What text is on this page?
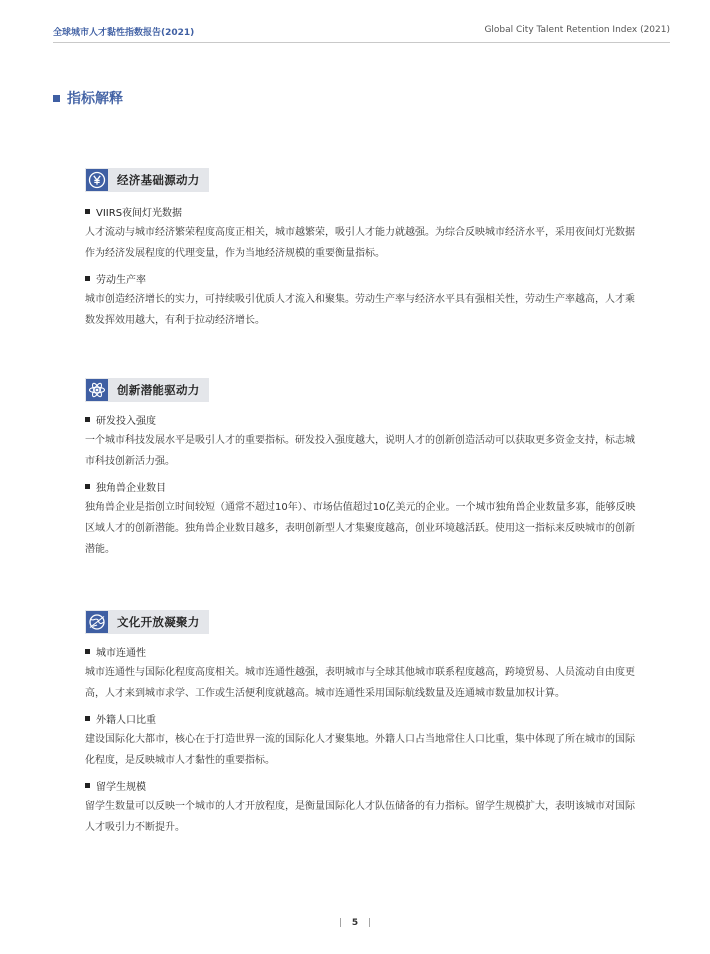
全球城市人才黏性指数报告(2021)	Global City Talent Retention Index (2021)
指标解释
经济基础源动力
VIIRS夜间灯光数据
人才流动与城市经济繁荣程度高度正相关，城市越繁荣，吸引人才能力就越强。为综合反映城市经济水平，采用夜间灯光数据作为经济发展程度的代理变量，作为当地经济规模的重要衡量指标。
劳动生产率
城市创造经济增长的实力，可持续吸引优质人才流入和聚集。劳动生产率与经济水平具有强相关性，劳动生产率越高，人才乘数发挥效用越大，有利于拉动经济增长。
创新潜能驱动力
研发投入强度
一个城市科技发展水平是吸引人才的重要指标。研发投入强度越大，说明人才的创新创造活动可以获取更多资金支持，标志城市科技创新活力强。
独角兽企业数目
独角兽企业是指创立时间较短（通常不超过10年）、市场估值超过10亿美元的企业。一个城市独角兽企业数量多寡，能够反映区域人才的创新潜能。独角兽企业数目越多，表明创新型人才集聚度越高，创业环境越活跃。使用这一指标来反映城市的创新潜能。
文化开放凝聚力
城市连通性
城市连通性与国际化程度高度相关。城市连通性越强，表明城市与全球其他城市联系程度越高，跨境贸易、人员流动自由度更高，人才来到城市求学、工作或生活便利度就越高。城市连通性采用国际航线数量及连通城市数量加权计算。
外籍人口比重
建设国际化大都市，核心在于打造世界一流的国际化人才聚集地。外籍人口占当地常住人口比重，集中体现了所在城市的国际化程度，是反映城市人才黏性的重要指标。
留学生规模
留学生数量可以反映一个城市的人才开放程度，是衡量国际化人才队伍储备的有力指标。留学生规模扩大，表明该城市对国际人才吸引力不断提升。
| 5 |
